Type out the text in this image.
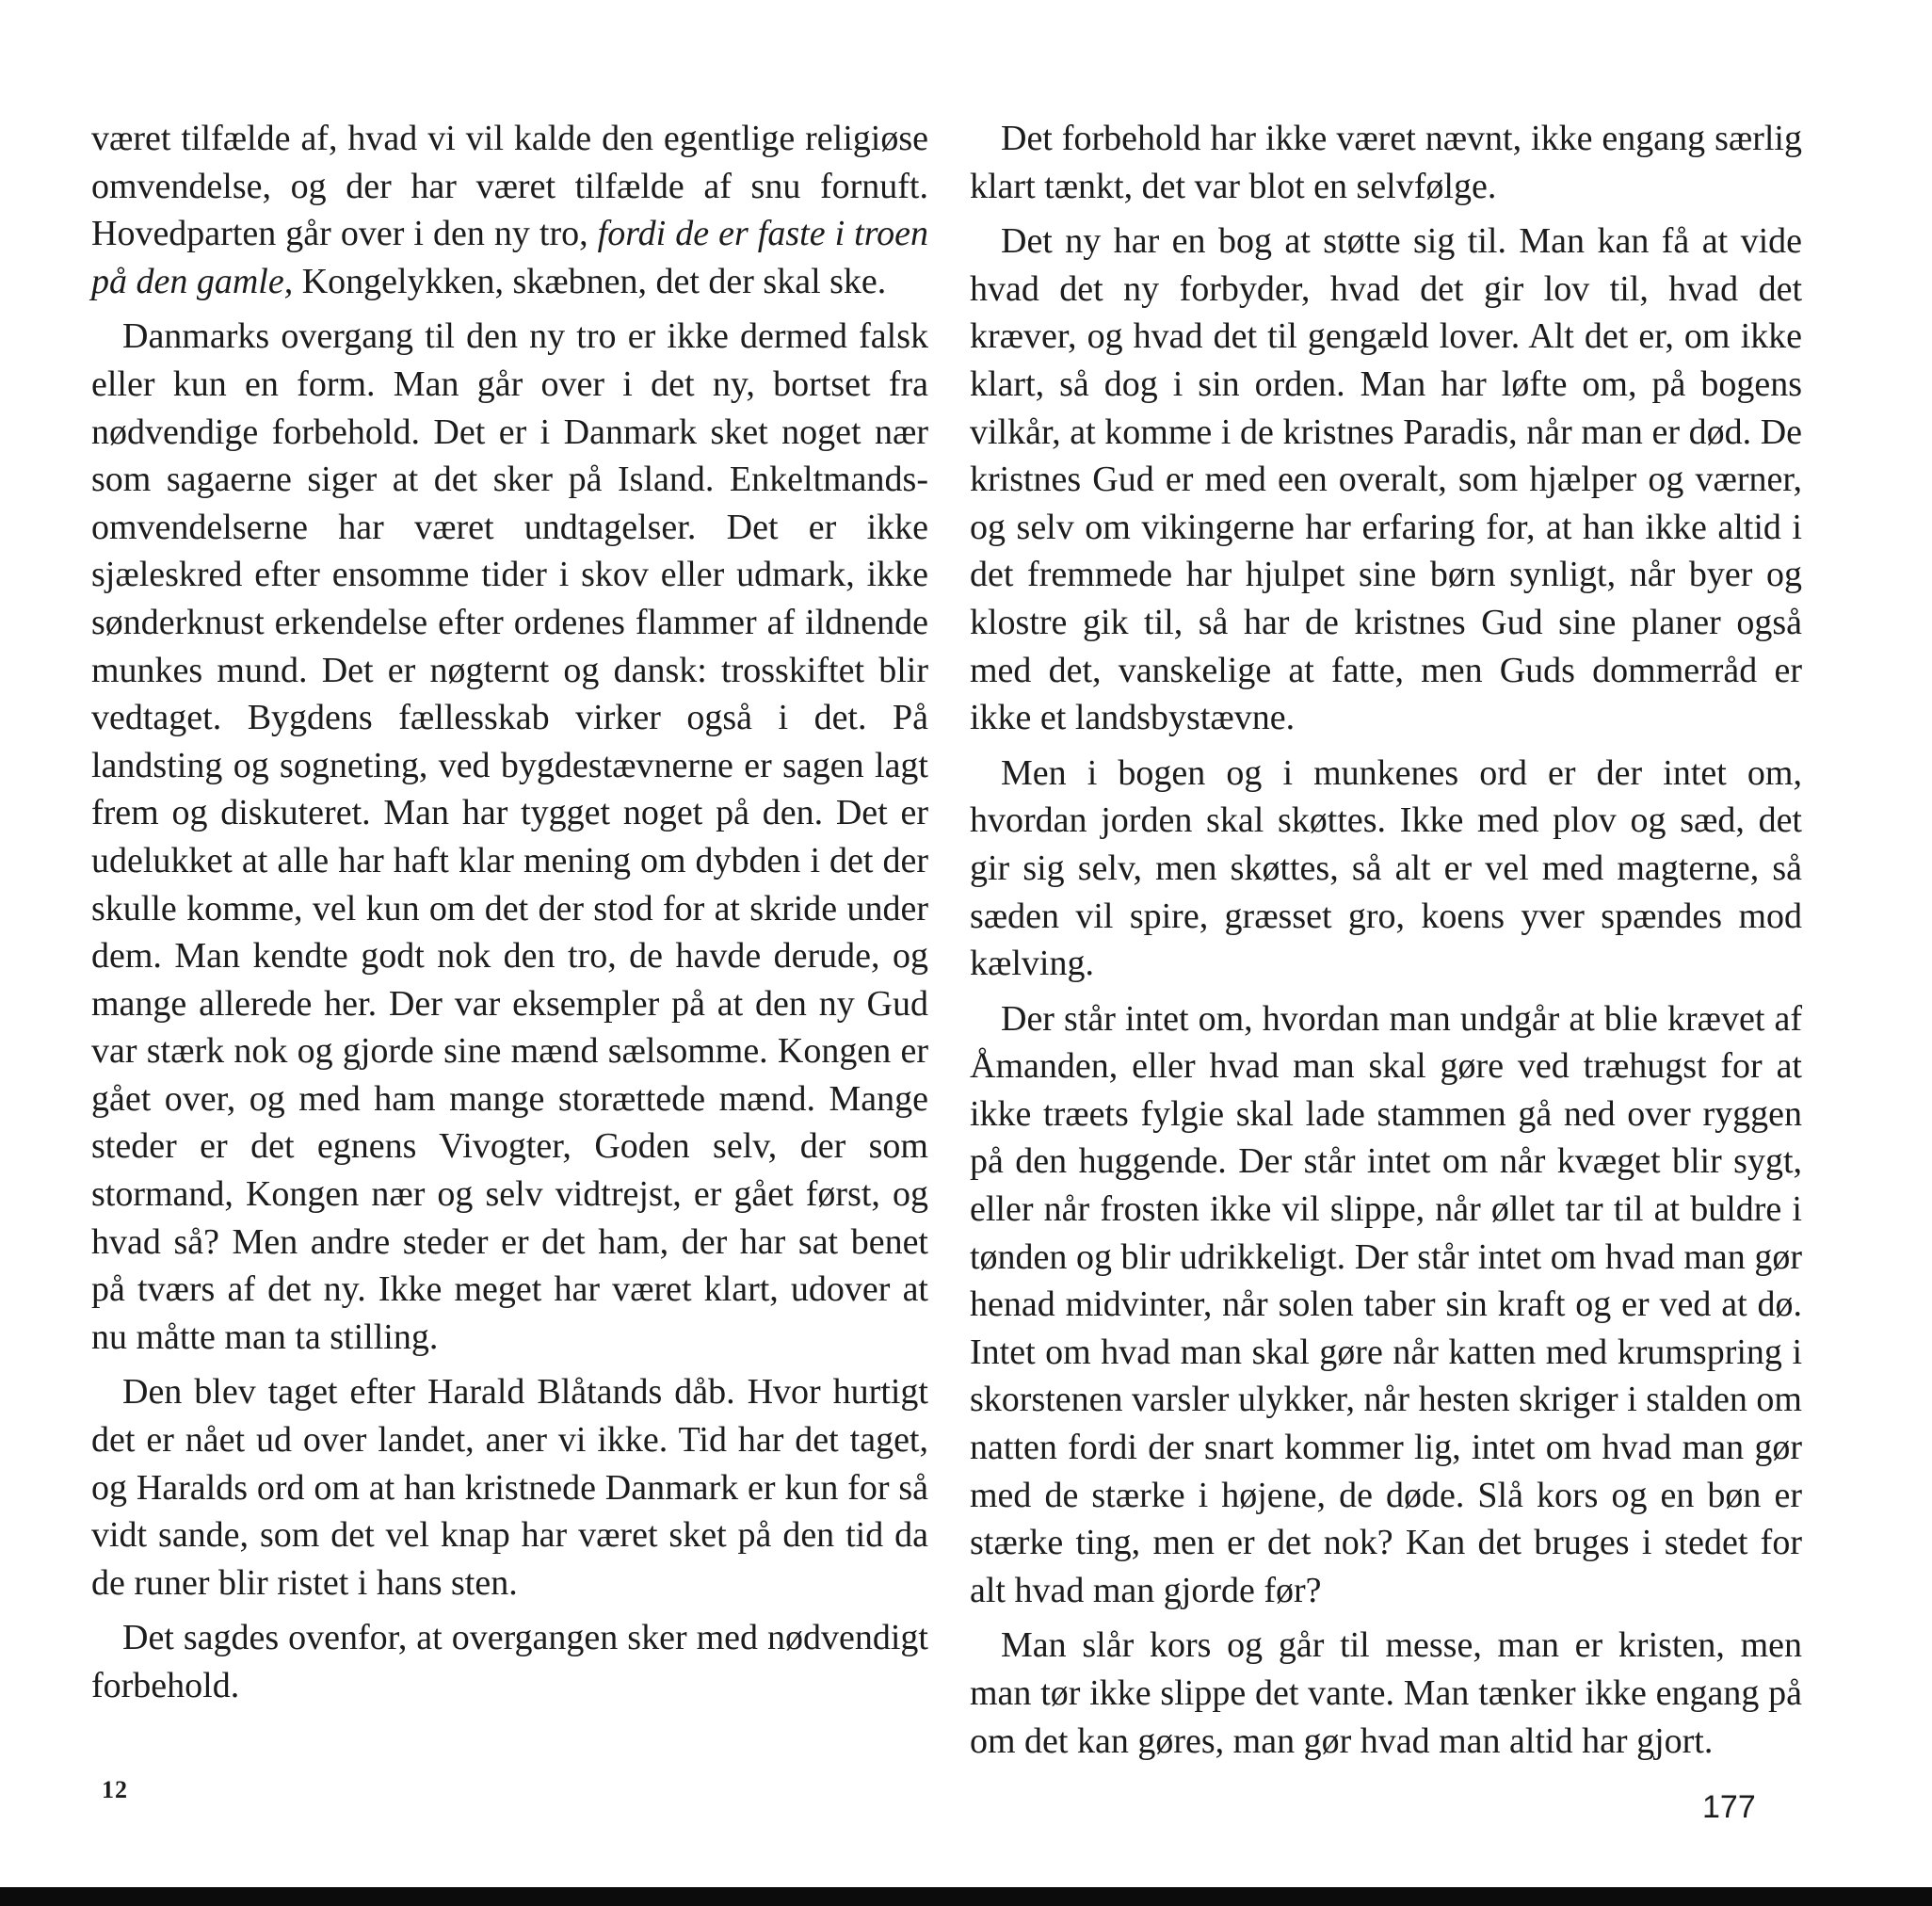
været tilfælde af, hvad vi vil kalde den egentlige religiøse omvendelse, og der har været tilfælde af snu fornuft. Hovedparten går over i den ny tro, fordi de er faste i troen på den gamle, Kongelykken, skæbnen, det der skal ske.

Danmarks overgang til den ny tro er ikke dermed falsk eller kun en form. Man går over i det ny, bortset fra nødvendige forbehold. Det er i Danmark sket noget nær som sagaerne siger at det sker på Island. Enkeltmands-omvendelserne har været undtagelser. Det er ikke sjæleskred efter ensomme tider i skov eller udmark, ikke sønderknust erkendelse efter ordenes flammer af ildnende munkes mund. Det er nøgternt og dansk: trosskiftet blir vedtaget. Bygdens fællesskab virker også i det. På landsting og sogneting, ved bygdestævnerne er sagen lagt frem og diskuteret. Man har tygget noget på den. Det er udelukket at alle har haft klar mening om dybden i det der skulle komme, vel kun om det der stod for at skride under dem. Man kendte godt nok den tro, de havde derude, og mange allerede her. Der var eksempler på at den ny Gud var stærk nok og gjorde sine mænd sælsomme. Kongen er gået over, og med ham mange storættede mænd. Mange steder er det egnens Vivogter, Goden selv, der som stormand, Kongen nær og selv vidtrejst, er gået først, og hvad så? Men andre steder er det ham, der har sat benet på tværs af det ny. Ikke meget har været klart, udover at nu måtte man ta stilling.

Den blev taget efter Harald Blåtands dåb. Hvor hurtigt det er nået ud over landet, aner vi ikke. Tid har det taget, og Haralds ord om at han kristnede Danmark er kun for så vidt sande, som det vel knap har været sket på den tid da de runer blir ristet i hans sten.

Det sagdes ovenfor, at overgangen sker med nødvendigt forbehold.

Det forbehold har ikke været nævnt, ikke engang særlig klart tænkt, det var blot en selvfølge.

Det ny har en bog at støtte sig til. Man kan få at vide hvad det ny forbyder, hvad det gir lov til, hvad det kræver, og hvad det til gengæld lover. Alt det er, om ikke klart, så dog i sin orden. Man har løfte om, på bogens vilkår, at komme i de kristnes Paradis, når man er død. De kristnes Gud er med een overalt, som hjælper og værner, og selv om vikingerne har erfaring for, at han ikke altid i det fremmede har hjulpet sine børn synligt, når byer og klostre gik til, så har de kristnes Gud sine planer også med det, vanskelige at fatte, men Guds dommerråd er ikke et landsbystævne.

Men i bogen og i munkenes ord er der intet om, hvordan jorden skal skøttes. Ikke med plov og sæd, det gir sig selv, men skøttes, så alt er vel med magterne, så sæden vil spire, græsset gro, koens yver spændes mod kælving.

Der står intet om, hvordan man undgår at blie krævet af Åmanden, eller hvad man skal gøre ved træhugst for at ikke træets fylgie skal lade stammen gå ned over ryggen på den huggende. Der står intet om når kvæget blir sygt, eller når frosten ikke vil slippe, når øllet tar til at buldre i tønden og blir udrikkeligt. Der står intet om hvad man gør henad midvinter, når solen taber sin kraft og er ved at dø. Intet om hvad man skal gøre når katten med krumspring i skorstenen varsler ulykker, når hesten skriger i stalden om natten fordi der snart kommer lig, intet om hvad man gør med de stærke i højene, de døde. Slå kors og en bøn er stærke ting, men er det nok? Kan det bruges i stedet for alt hvad man gjorde før?

Man slår kors og går til messe, man er kristen, men man tør ikke slippe det vante. Man tænker ikke engang på om det kan gøres, man gør hvad man altid har gjort.

12	177
